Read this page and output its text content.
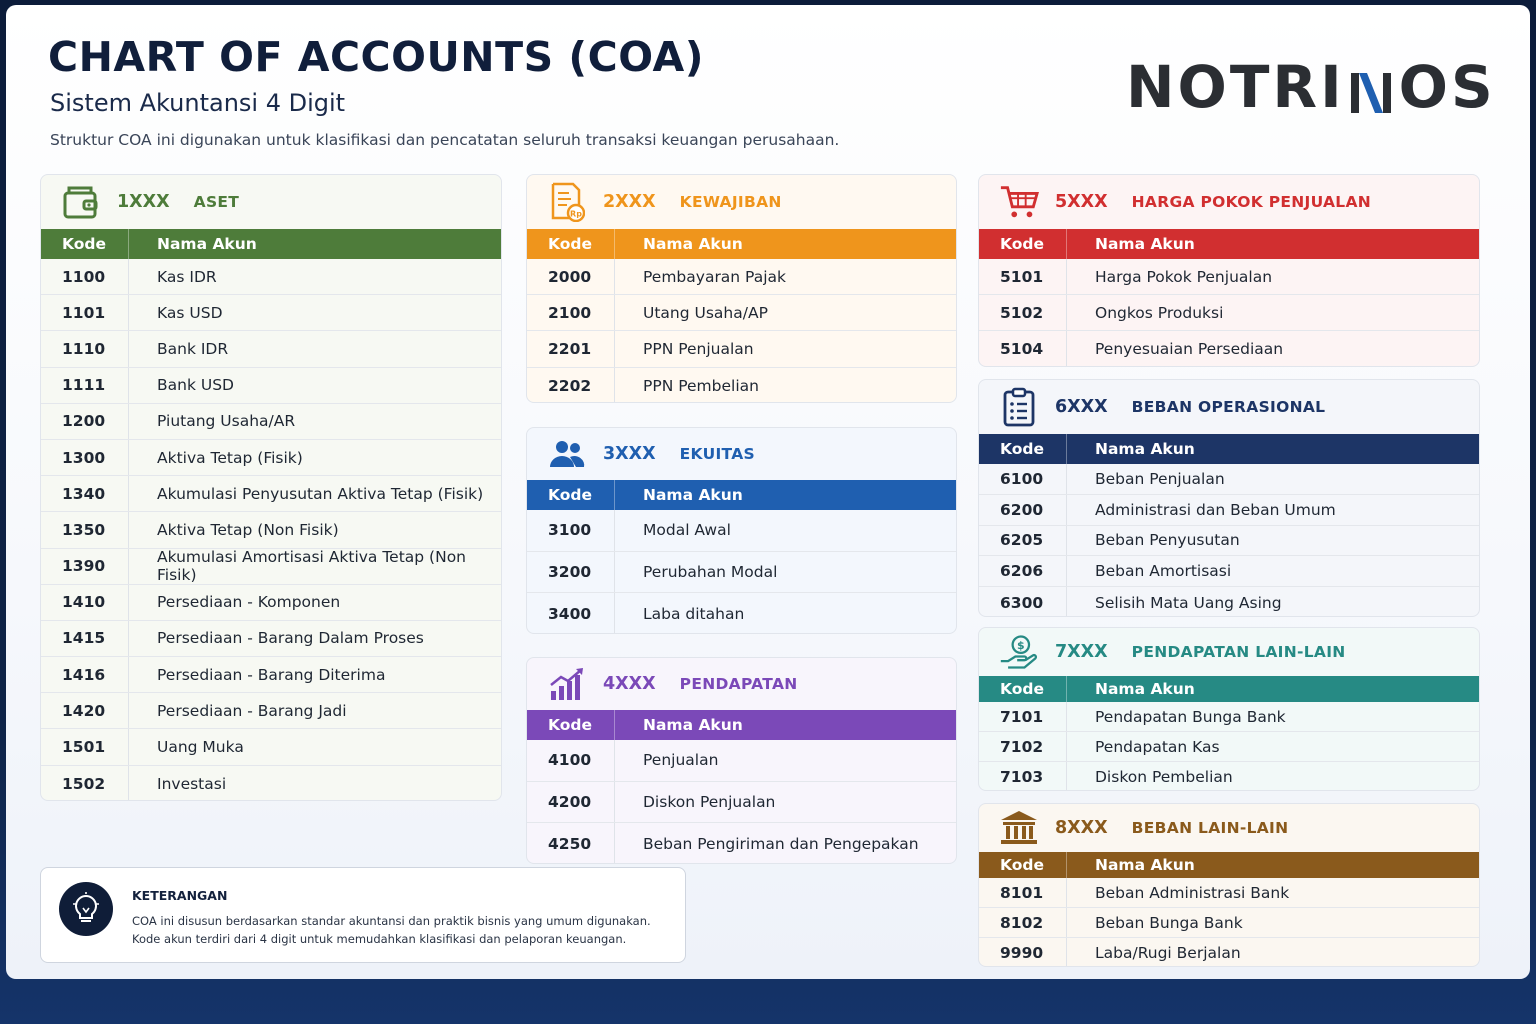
CHART OF ACCOUNTS (COA)
Sistem Akuntansi 4 Digit
Struktur COA ini digunakan untuk klasifikasi dan pencatatan seluruh transaksi keuangan perusahaan.
NOTRI OS
1XXX ASET
Kode	Nama Akun
1100	Kas IDR
1101	Kas USD
1110	Bank IDR
1111	Bank USD
1200	Piutang Usaha/AR
1300	Aktiva Tetap (Fisik)
1340	Akumulasi Penyusutan Aktiva Tetap (Fisik)
1350	Aktiva Tetap (Non Fisik)
1390	Akumulasi Amortisasi Aktiva Tetap (Non Fisik)
1410	Persediaan - Komponen
1415	Persediaan - Barang Dalam Proses
1416	Persediaan - Barang Diterima
1420	Persediaan - Barang Jadi
1501	Uang Muka
1502	Investasi
Rp
2XXX KEWAJIBAN
Kode	Nama Akun
2000	Pembayaran Pajak
2100	Utang Usaha/AP
2201	PPN Penjualan
2202	PPN Pembelian
3XXX EKUITAS
Kode	Nama Akun
3100	Modal Awal
3200	Perubahan Modal
3400	Laba ditahan
4XXX PENDAPATAN
Kode	Nama Akun
4100	Penjualan
4200	Diskon Penjualan
4250	Beban Pengiriman dan Pengepakan
5XXX HARGA POKOK PENJUALAN
Kode	Nama Akun
5101	Harga Pokok Penjualan
5102	Ongkos Produksi
5104	Penyesuaian Persediaan
6XXX BEBAN OPERASIONAL
Kode	Nama Akun
6100	Beban Penjualan
6200	Administrasi dan Beban Umum
6205	Beban Penyusutan
6206	Beban Amortisasi
6300	Selisih Mata Uang Asing
$ 7XXX PENDAPATAN LAIN-LAIN
Kode	Nama Akun
7101	Pendapatan Bunga Bank
7102	Pendapatan Kas
7103	Diskon Pembelian
8XXX BEBAN LAIN-LAIN
Kode	Nama Akun
8101	Beban Administrasi Bank
8102	Beban Bunga Bank
9990	Laba/Rugi Berjalan
KETERANGAN
COA ini disusun berdasarkan standar akuntansi dan praktik bisnis yang umum digunakan.
Kode akun terdiri dari 4 digit untuk memudahkan klasifikasi dan pelaporan keuangan.
